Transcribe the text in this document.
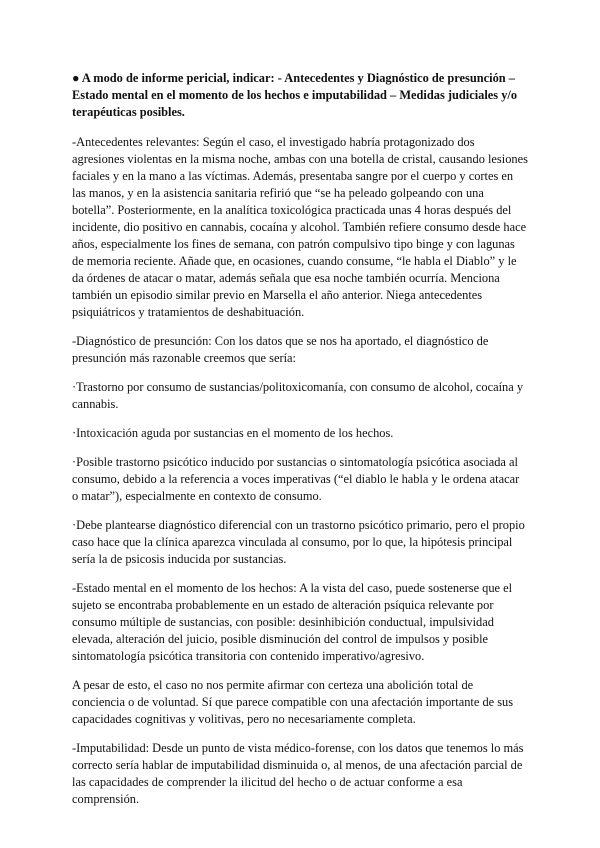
● A modo de informe pericial, indicar: - Antecedentes y Diagnóstico de presunción – Estado mental en el momento de los hechos e imputabilidad – Medidas judiciales y/o terapéuticas posibles.

-Antecedentes relevantes: Según el caso, el investigado habría protagonizado dos agresiones violentas en la misma noche, ambas con una botella de cristal, causando lesiones faciales y en la mano a las víctimas. Además, presentaba sangre por el cuerpo y cortes en las manos, y en la asistencia sanitaria refirió que “se ha peleado golpeando con una botella”. Posteriormente, en la analítica toxicológica practicada unas 4 horas después del incidente, dio positivo en cannabis, cocaína y alcohol. También refiere consumo desde hace años, especialmente los fines de semana, con patrón compulsivo tipo binge y con lagunas de memoria reciente. Añade que, en ocasiones, cuando consume, “le habla el Diablo” y le da órdenes de atacar o matar, además señala que esa noche también ocurría. Menciona también un episodio similar previo en Marsella el año anterior. Niega antecedentes psiquiátricos y tratamientos de deshabituación.

-Diagnóstico de presunción: Con los datos que se nos ha aportado, el diagnóstico de presunción más razonable creemos que sería:

·Trastorno por consumo de sustancias/politoxicomanía, con consumo de alcohol, cocaína y cannabis.

·Intoxicación aguda por sustancias en el momento de los hechos.

·Posible trastorno psicótico inducido por sustancias o sintomatología psicótica asociada al consumo, debido a la referencia a voces imperativas (“el diablo le habla y le ordena atacar o matar”), especialmente en contexto de consumo.

·Debe plantearse diagnóstico diferencial con un trastorno psicótico primario, pero el propio caso hace que la clínica aparezca vinculada al consumo, por lo que, la hipótesis principal sería la de psicosis inducida por sustancias.

-Estado mental en el momento de los hechos: A la vista del caso, puede sostenerse que el sujeto se encontraba probablemente en un estado de alteración psíquica relevante por consumo múltiple de sustancias, con posible: desinhibición conductual, impulsividad elevada, alteración del juicio, posible disminución del control de impulsos y posible sintomatología psicótica transitoria con contenido imperativo/agresivo.

A pesar de esto, el caso no nos permite afirmar con certeza una abolición total de conciencia o de voluntad. Sí que parece compatible con una afectación importante de sus capacidades cognitivas y volitivas, pero no necesariamente completa.

-Imputabilidad: Desde un punto de vista médico-forense, con los datos que tenemos lo más correcto sería hablar de imputabilidad disminuida o, al menos, de una afectación parcial de las capacidades de comprender la ilicitud del hecho o de actuar conforme a esa comprensión.
